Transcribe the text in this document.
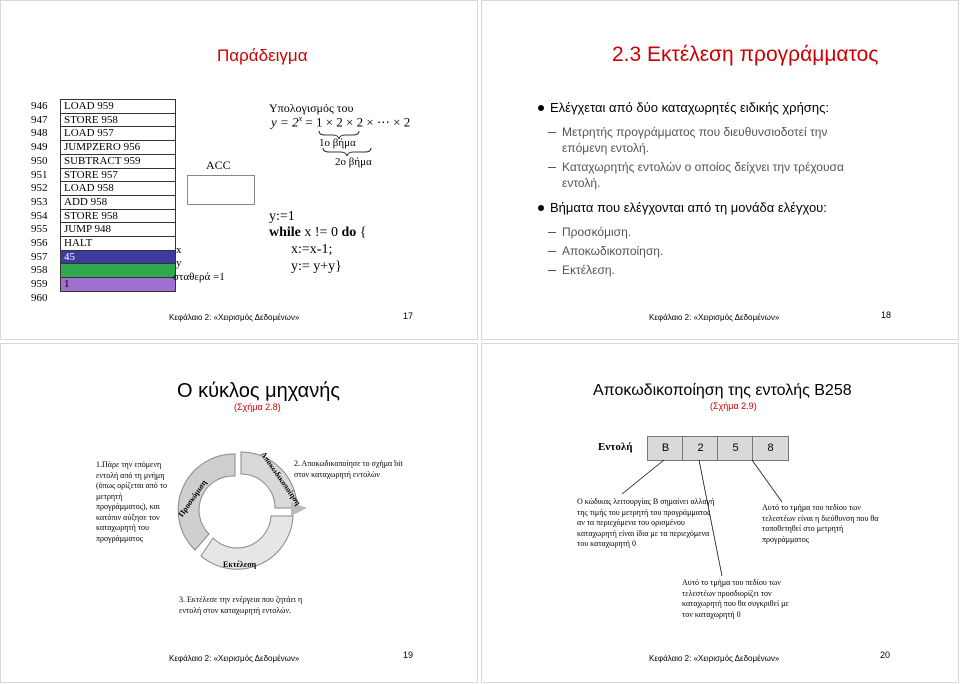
Παράδειγμα
946	LOAD 959
947	STORE 958
948	LOAD 957
949	JUMPZERO 956
950	SUBTRACT 959
951	STORE 957
952	LOAD 958
953	ADD 958
954	STORE 958
955	JUMP 948
956	HALT
957	45
958	
959	1
960	
ACC
x
y
σταθερά =1
Υπολογισμός του
$y = 2^x = 1 \times 2 \times 2$ × ⋯ × 2
1ο βήμα
2ο βήμα
y:=1
while x != 0 do {
x:=x-1;
y:= y+y}
Κεφάλαιο 2: «Χειρισμός Δεδομένων»	17
2.3 Εκτέλεση προγράμματος
Ελέγχεται από δύο καταχωρητές ειδικής χρήσης:
Μετρητής προγράμματος που διευθυνσιοδοτεί την
επόμενη εντολή.
Καταχωρητής εντολών ο οποίος δείχνει την τρέχουσα
εντολή.
Βήματα που ελέγχονται από τη μονάδα ελέγχου:
Προσκόμιση.
Αποκωδικοποίηση.
Εκτέλεση.
Κεφάλαιο 2: «Χειρισμός Δεδομένων»	18
Ο κύκλος μηχανής
(Σχήμα 2.8)
1.Πάρε την επόμενη εντολή από τη μνήμη (όπως ορίζεται από το μετρητή προγράμματος), και κατόπιν αύξησε τον καταχωρητή του προγράμματος
2. Αποκωδικοποίησε το σχήμα bit στον καταχωρητή εντολών
3. Εκτέλεσε την ενέργεια που ζητάει η εντολή στον καταχωρητή εντολών.
Προσκόμιση	Αποκωδικοποίηση
Εκτέλεση
Κεφάλαιο 2: «Χειρισμός Δεδομένων»	19
Αποκωδικοποίηση της εντολής B258
(Σχήμα 2.9)
Εντολή	B	2	5	8
Ο κώδικας λειτουργίας B σημαίνει αλλαγή της τιμής του μετρητή του προγράμματος αν τα περιεχόμενα του ορισμένου καταχωρητή είναι ίδια με τα περιεχόμενα του καταχωρητή 0
Αυτό το τμήμα του πεδίου των τελεστέων είναι η διεύθυνση που θα τοποθετηθεί στο μετρητή προγράμματος
Αυτό το τμήμα του πεδίου των τελεστέων προσδιορίζει τον καταχωρητή που θα συγκριθεί με τον καταχωρητή 0
Κεφάλαιο 2: «Χειρισμός Δεδομένων»	20
